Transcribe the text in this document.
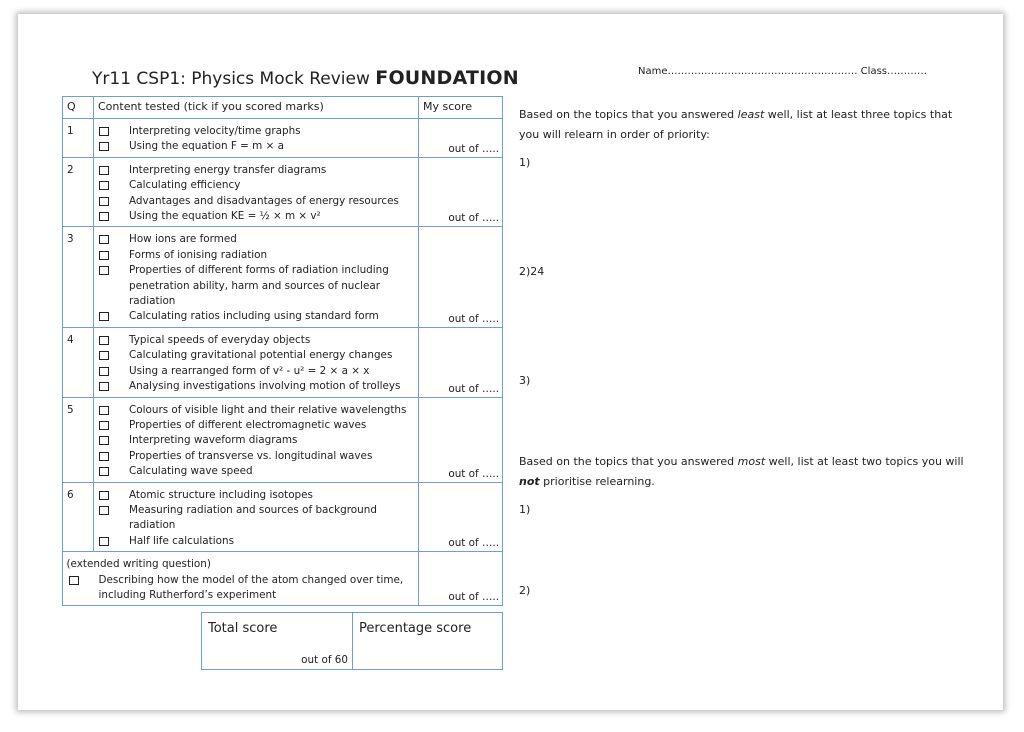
Yr11 CSP1: Physics Mock Review FOUNDATION	Name………………………………………………… Class…………
Q	Content tested (tick if you scored marks)	My score
1	Interpreting velocity/time graphs
Using the equation F = m × a	out of …..

2	Interpreting energy transfer diagrams
Calculating efficiency
Advantages and disadvantages of energy resources
Using the equation KE = ½ × m × v²	out of …..

3	How ions are formed
Forms of ionising radiation
Properties of different forms of radiation including penetration ability, harm and sources of nuclear radiation
Calculating ratios including using standard form	out of …..

4	Typical speeds of everyday objects
Calculating gravitational potential energy changes
Using a rearranged form of v² - u² = 2 × a × x
Analysing investigations involving motion of trolleys	out of …..

5	Colours of visible light and their relative wavelengths
Properties of different electromagnetic waves
Interpreting waveform diagrams
Properties of transverse vs. longitudinal waves
Calculating wave speed	out of …..

6	Atomic structure including isotopes
Measuring radiation and sources of background radiation
Half life calculations	out of …..

	(extended writing question)
Describing how the model of the atom changed over time, including Rutherford’s experiment	out of …..
Total score
out of 60
	Percentage score
Based on the topics that you answered least well, list at least three topics that you will relearn in order of priority:
1)
2)24
3)
Based on the topics that you answered most well, list at least two topics you will not prioritise relearning.
1)
2)
